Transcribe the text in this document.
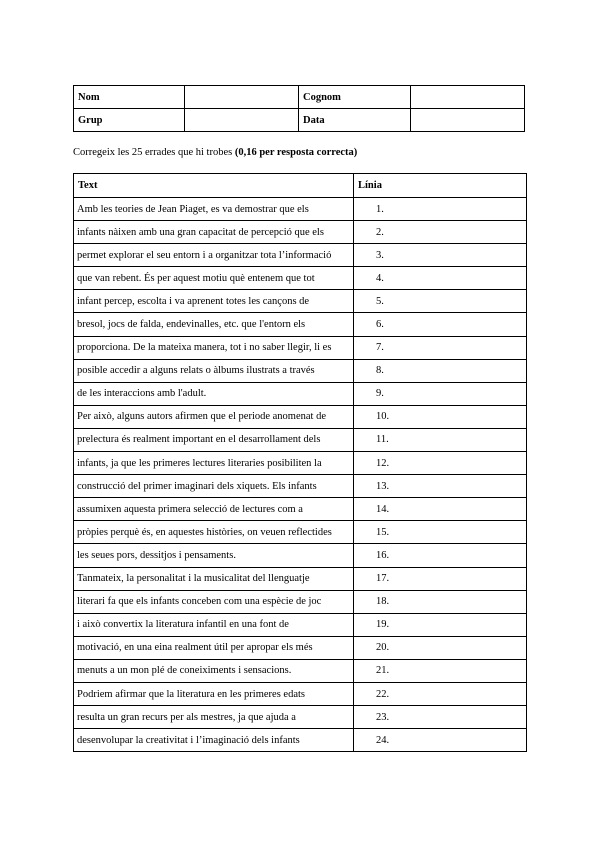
Nom		Cognom	
Grup		Data	
Corregeix les 25 errades que hi trobes (0,16 per resposta correcta)
Text	Línia
Amb les teories de Jean Piaget, es va demostrar que els	1.
infants nàixen amb una gran capacitat de percepció que els	2.
permet explorar el seu entorn i a organitzar tota l’informació	3.
que van rebent. És per aquest motiu què entenem que tot	4.
infant percep, escolta i va aprenent totes les cançons de	5.
bresol, jocs de falda, endevinalles, etc. que l'entorn els	6.
proporciona. De la mateixa manera, tot i no saber llegir, li es	7.
posible accedir a alguns relats o àlbums ilustrats a través	8.
de les interaccions amb l'adult.	9.
Per això, alguns autors afirmen que el periode anomenat de	10.
prelectura és realment important en el desarrollament dels	11.
infants, ja que les primeres lectures literaries posibiliten la	12.
construcció del primer imaginari dels xiquets. Els infants	13.
assumixen aquesta primera selecció de lectures com a	14.
pròpies perquè és, en aquestes històries, on veuen reflectides	15.
les seues pors, dessitjos i pensaments.	16.
Tanmateix, la personalitat i la musicalitat del llenguatje	17.
literari fa que els infants conceben com una espècie de joc	18.
i això convertix la literatura infantil en una font de	19.
motivació, en una eina realment útil per apropar els més	20.
menuts a un mon plé de coneiximents i sensacions.	21.
Podriem afirmar que la literatura en les primeres edats	22.
resulta un gran recurs per als mestres, ja que ajuda a	23.
desenvolupar la creativitat i l’imaginació dels infants	24.
